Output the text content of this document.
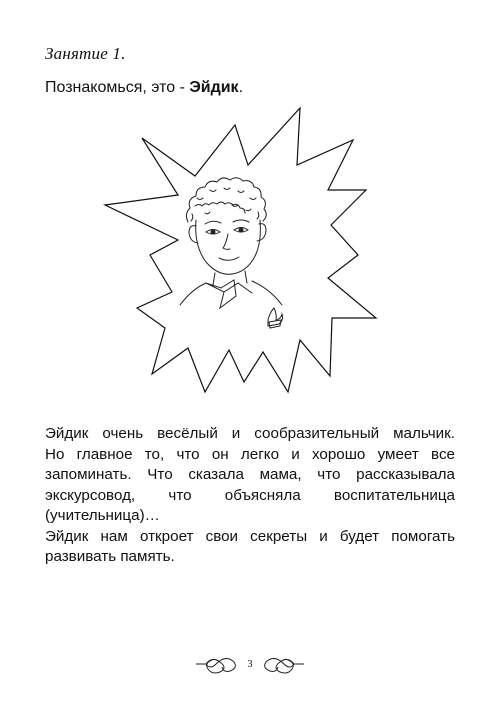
Занятие 1.
Познакомься, это - Эйдик.
Эйдик очень весёлый и сообразительный мальчик.
Но главное то, что он легко и хорошо умеет все
запоминать. Что сказала мама, что рассказывала
экскурсовод, что объясняла воспитательница
(учительница)…
Эйдик нам откроет свои секреты и будет помогать
развивать память.
3
